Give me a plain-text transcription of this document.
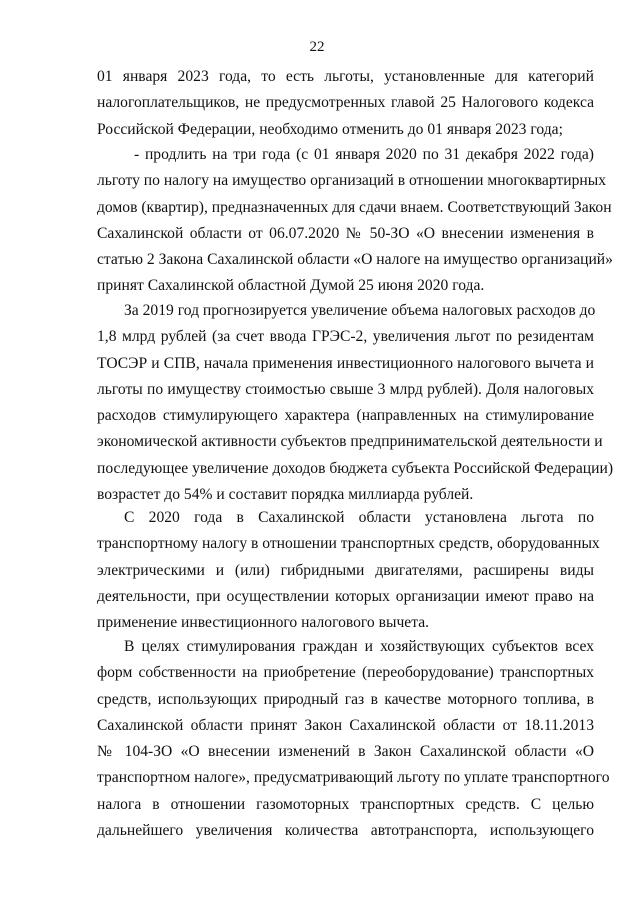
22
01 января 2023 года, то есть льготы, установленные для категорий
налогоплательщиков, не предусмотренных главой 25 Налогового кодекса
Российской Федерации, необходимо отменить до 01 января 2023 года;
- продлить на три года (с 01 января 2020 по 31 декабря 2022 года)
льготу по налогу на имущество организаций в отношении многоквартирных
домов (квартир), предназначенных для сдачи внаем. Соответствующий Закон
Сахалинской области от 06.07.2020 № 50-ЗО «О внесении изменения в
статью 2 Закона Сахалинской области «О налоге на имущество организаций»
принят Сахалинской областной Думой 25 июня 2020 года.
За 2019 год прогнозируется увеличение объема налоговых расходов до
1,8 млрд рублей (за счет ввода ГРЭС-2, увеличения льгот по резидентам
ТОСЭР и СПВ, начала применения инвестиционного налогового вычета и
льготы по имуществу стоимостью свыше 3 млрд рублей). Доля налоговых
расходов стимулирующего характера (направленных на стимулирование
экономической активности субъектов предпринимательской деятельности и
последующее увеличение доходов бюджета субъекта Российской Федерации)
возрастет до 54% и составит порядка миллиарда рублей.
С 2020 года в Сахалинской области установлена льгота по
транспортному налогу в отношении транспортных средств, оборудованных
электрическими и (или) гибридными двигателями, расширены виды
деятельности, при осуществлении которых организации имеют право на
применение инвестиционного налогового вычета.
В целях стимулирования граждан и хозяйствующих субъектов всех
форм собственности на приобретение (переоборудование) транспортных
средств, использующих природный газ в качестве моторного топлива, в
Сахалинской области принят Закон Сахалинской области от 18.11.2013
№ 104-ЗО «О внесении изменений в Закон Сахалинской области «О
транспортном налоге», предусматривающий льготу по уплате транспортного
налога в отношении газомоторных транспортных средств. С целью
дальнейшего увеличения количества автотранспорта, использующего
